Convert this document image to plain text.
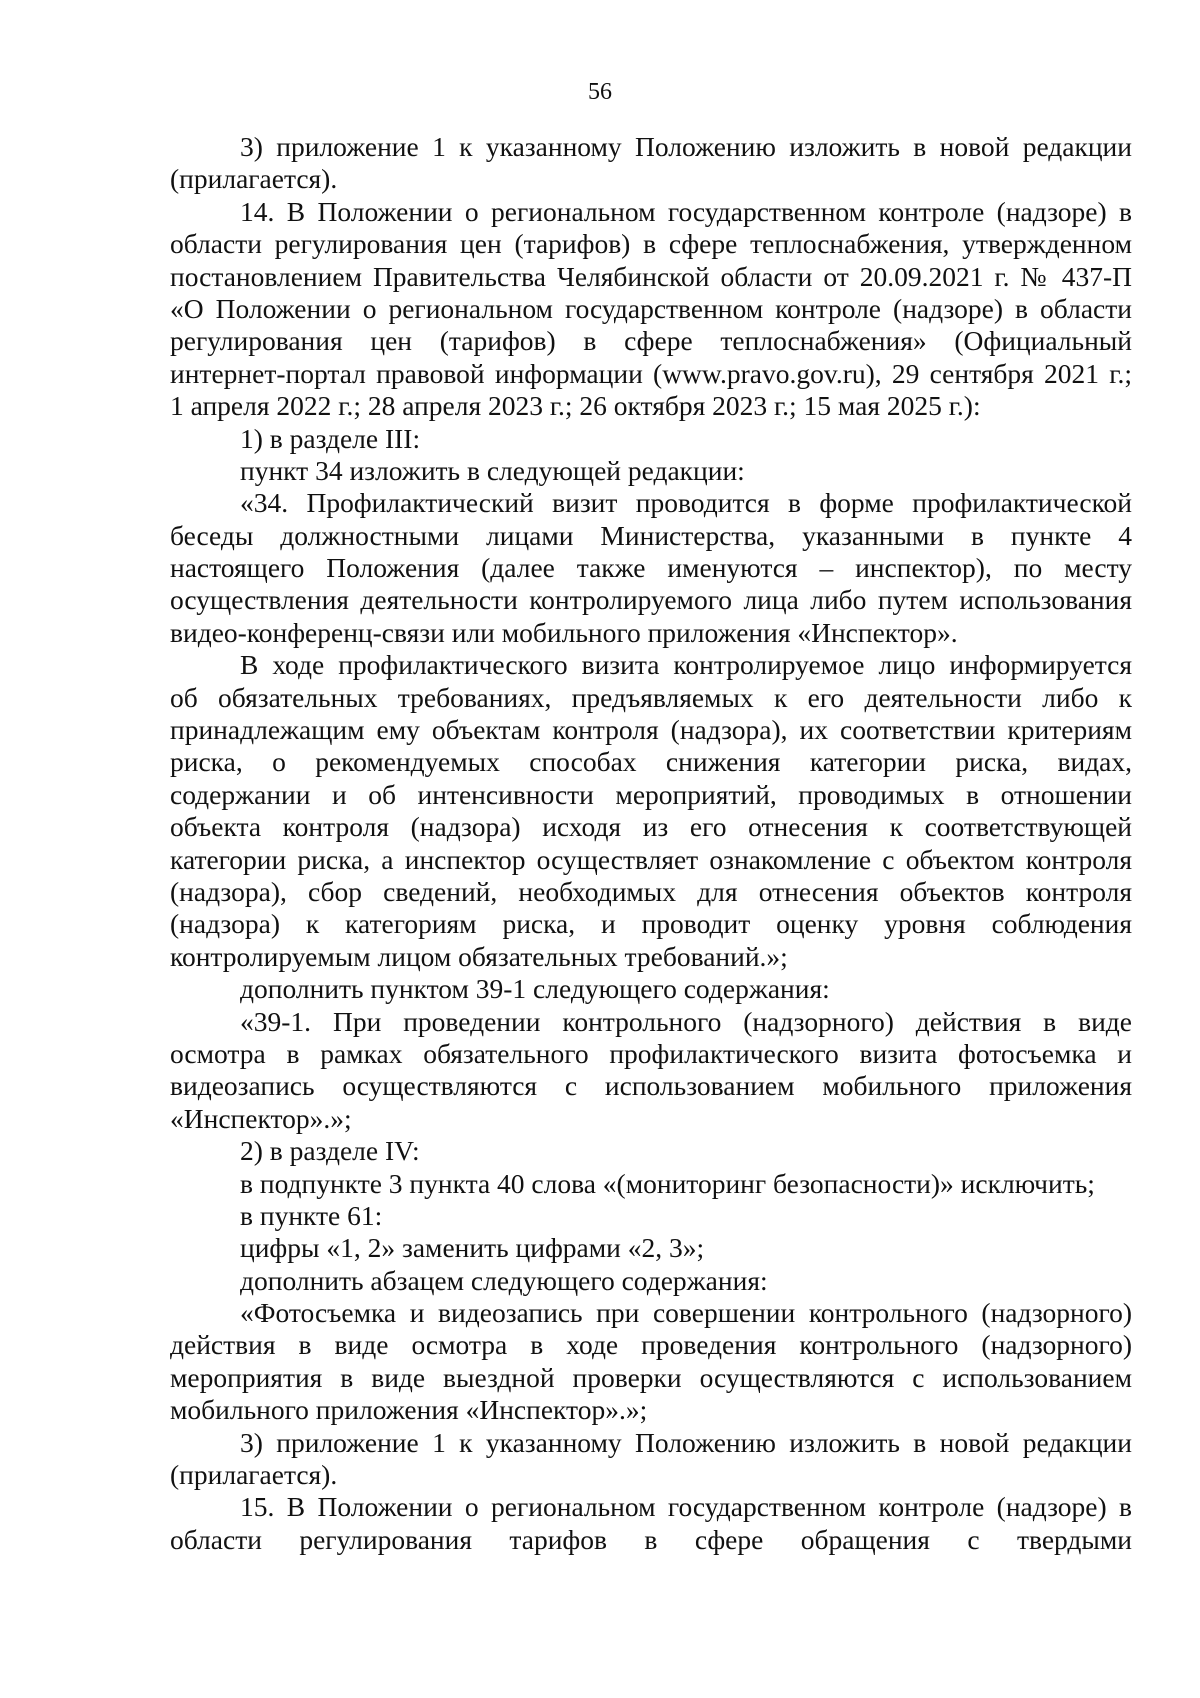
56
3) приложение 1 к указанному Положению изложить в новой редакции
(прилагается).
14. В Положении о региональном государственном контроле (надзоре) в
области регулирования цен (тарифов) в сфере теплоснабжения, утвержденном
постановлением Правительства Челябинской области от 20.09.2021 г. № 437-П
«О Положении о региональном государственном контроле (надзоре) в области
регулирования цен (тарифов) в сфере теплоснабжения» (Официальный
интернет-портал правовой информации (www.pravo.gov.ru), 29 сентября 2021 г.;
1 апреля 2022 г.; 28 апреля 2023 г.; 26 октября 2023 г.; 15 мая 2025 г.):
1) в разделе III:
пункт 34 изложить в следующей редакции:
«34. Профилактический визит проводится в форме профилактической
беседы должностными лицами Министерства, указанными в пункте 4
настоящего Положения (далее также именуются – инспектор), по месту
осуществления деятельности контролируемого лица либо путем использования
видео-конференц-связи или мобильного приложения «Инспектор».
В ходе профилактического визита контролируемое лицо информируется
об обязательных требованиях, предъявляемых к его деятельности либо к
принадлежащим ему объектам контроля (надзора), их соответствии критериям
риска, о рекомендуемых способах снижения категории риска, видах,
содержании и об интенсивности мероприятий, проводимых в отношении
объекта контроля (надзора) исходя из его отнесения к соответствующей
категории риска, а инспектор осуществляет ознакомление с объектом контроля
(надзора), сбор сведений, необходимых для отнесения объектов контроля
(надзора) к категориям риска, и проводит оценку уровня соблюдения
контролируемым лицом обязательных требований.»;
дополнить пунктом 39-1 следующего содержания:
«39-1. При проведении контрольного (надзорного) действия в виде
осмотра в рамках обязательного профилактического визита фотосъемка и
видеозапись осуществляются с использованием мобильного приложения
«Инспектор».»;
2) в разделе IV:
в подпункте 3 пункта 40 слова «(мониторинг безопасности)» исключить;
в пункте 61:
цифры «1, 2» заменить цифрами «2, 3»;
дополнить абзацем следующего содержания:
«Фотосъемка и видеозапись при совершении контрольного (надзорного)
действия в виде осмотра в ходе проведения контрольного (надзорного)
мероприятия в виде выездной проверки осуществляются с использованием
мобильного приложения «Инспектор».»;
3) приложение 1 к указанному Положению изложить в новой редакции
(прилагается).
15. В Положении о региональном государственном контроле (надзоре) в
области регулирования тарифов в сфере обращения с твердыми
